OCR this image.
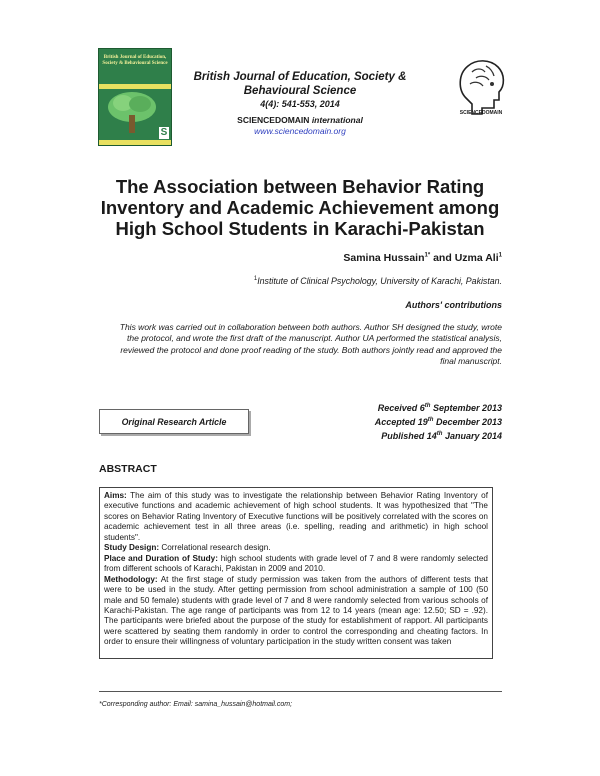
British Journal of Education, Society & Behavioural Science
S
British Journal of Education, Society & Behavioural Science
4(4): 541-553, 2014
SCIENCEDOMAIN international
www.sciencedomain.org
SCIENCEDOMAIN
The Association between Behavior Rating Inventory and Academic Achievement among High School Students in Karachi-Pakistan
Samina Hussain$^{1*}$ and Uzma Ali$^1$
$^1$Institute of Clinical Psychology, University of Karachi, Pakistan.
Authors' contributions
This work was carried out in collaboration between both authors. Author SH designed the study, wrote the protocol, and wrote the first draft of the manuscript. Author UA performed the statistical analysis, reviewed the protocol and done proof reading of the study. Both authors jointly read and approved the final manuscript.
Original Research Article
Received 6th September 2013
Accepted 19th December 2013
Published 14th January 2014
ABSTRACT

Aims: The aim of this study was to investigate the relationship between Behavior Rating Inventory of executive functions and academic achievement of high school students. It was hypothesized that "The scores on Behavior Rating Inventory of Executive functions will be positively correlated with the scores on academic achievement test in all three areas (i.e. spelling, reading and arithmetic) in high school students".

Study Design: Correlational research design.

Place and Duration of Study: high school students with grade level of 7 and 8 were randomly selected from different schools of Karachi, Pakistan in 2009 and 2010.

Methodology: At the first stage of study permission was taken from the authors of different tests that were to be used in the study. After getting permission from school administration a sample of 100 (50 male and 50 female) students with grade level of 7 and 8 were randomly selected from various schools of Karachi-Pakistan. The age range of participants was from 12 to 14 years (mean age: 12.50; SD = .92). The participants were briefed about the purpose of the study for establishment of rapport. All participants were scattered by seating them randomly in order to control the corresponding and cheating factors. In order to ensure their willingness of voluntary participation in the study written consent was taken

*Corresponding author: Email: samina_hussain@hotmail.com;
